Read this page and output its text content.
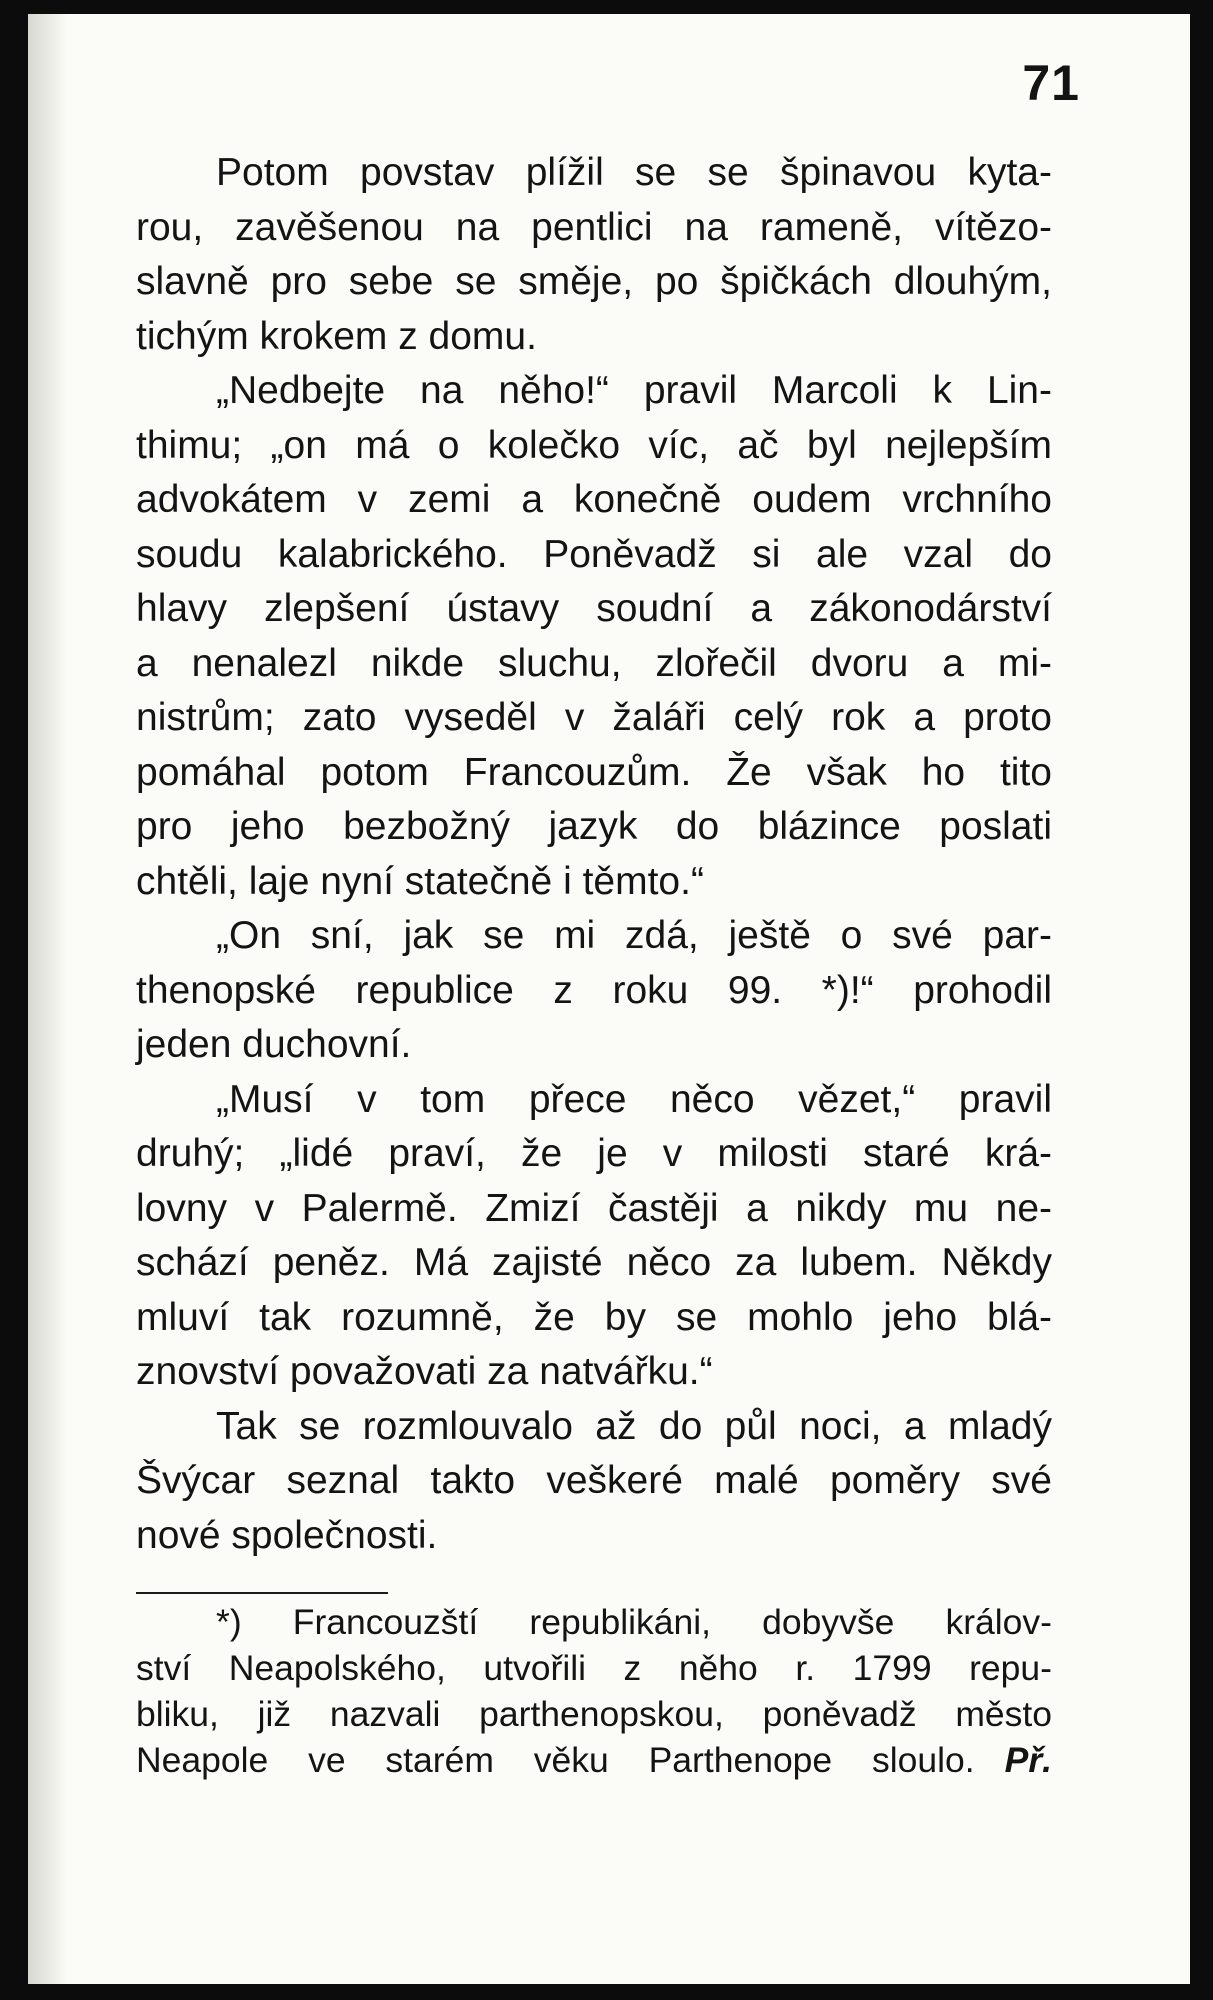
71
Potom povstav plížil se se špinavou kyta-
rou, zavěšenou na pentlici na rameně, vítězo-
slavně pro sebe se směje, po špičkách dlouhým,
tichým krokem z domu.
„Nedbejte na něho!“ pravil Marcoli k Lin-
thimu; „on má o kolečko víc, ač byl nejlepším
advokátem v zemi a konečně oudem vrchního
soudu kalabrického. Poněvadž si ale vzal do
hlavy zlepšení ústavy soudní a zákonodárství
a nenalezl nikde sluchu, zlořečil dvoru a mi-
nistrům; zato vyseděl v žaláři celý rok a proto
pomáhal potom Francouzům. Že však ho tito
pro jeho bezbožný jazyk do blázince poslati
chtěli, laje nyní statečně i těmto.“
„On sní, jak se mi zdá, ještě o své par-
thenopské republice z roku 99. *)!“ prohodil
jeden duchovní.
„Musí v tom přece něco vězet,“ pravil
druhý; „lidé praví, že je v milosti staré krá-
lovny v Palermě. Zmizí častěji a nikdy mu ne-
schází peněz. Má zajisté něco za lubem. Někdy
mluví tak rozumně, že by se mohlo jeho blá-
znovství považovati za natvářku.“
Tak se rozmlouvalo až do půl noci, a mladý
Švýcar seznal takto veškeré malé poměry své
nové společnosti.
*) Francouzští republikáni, dobyvše králov-
ství Neapolského, utvořili z něho r. 1799 repu-
bliku, již nazvali parthenopskou, poněvadž město
Neapole ve starém věku Parthenope sloulo. Př.
